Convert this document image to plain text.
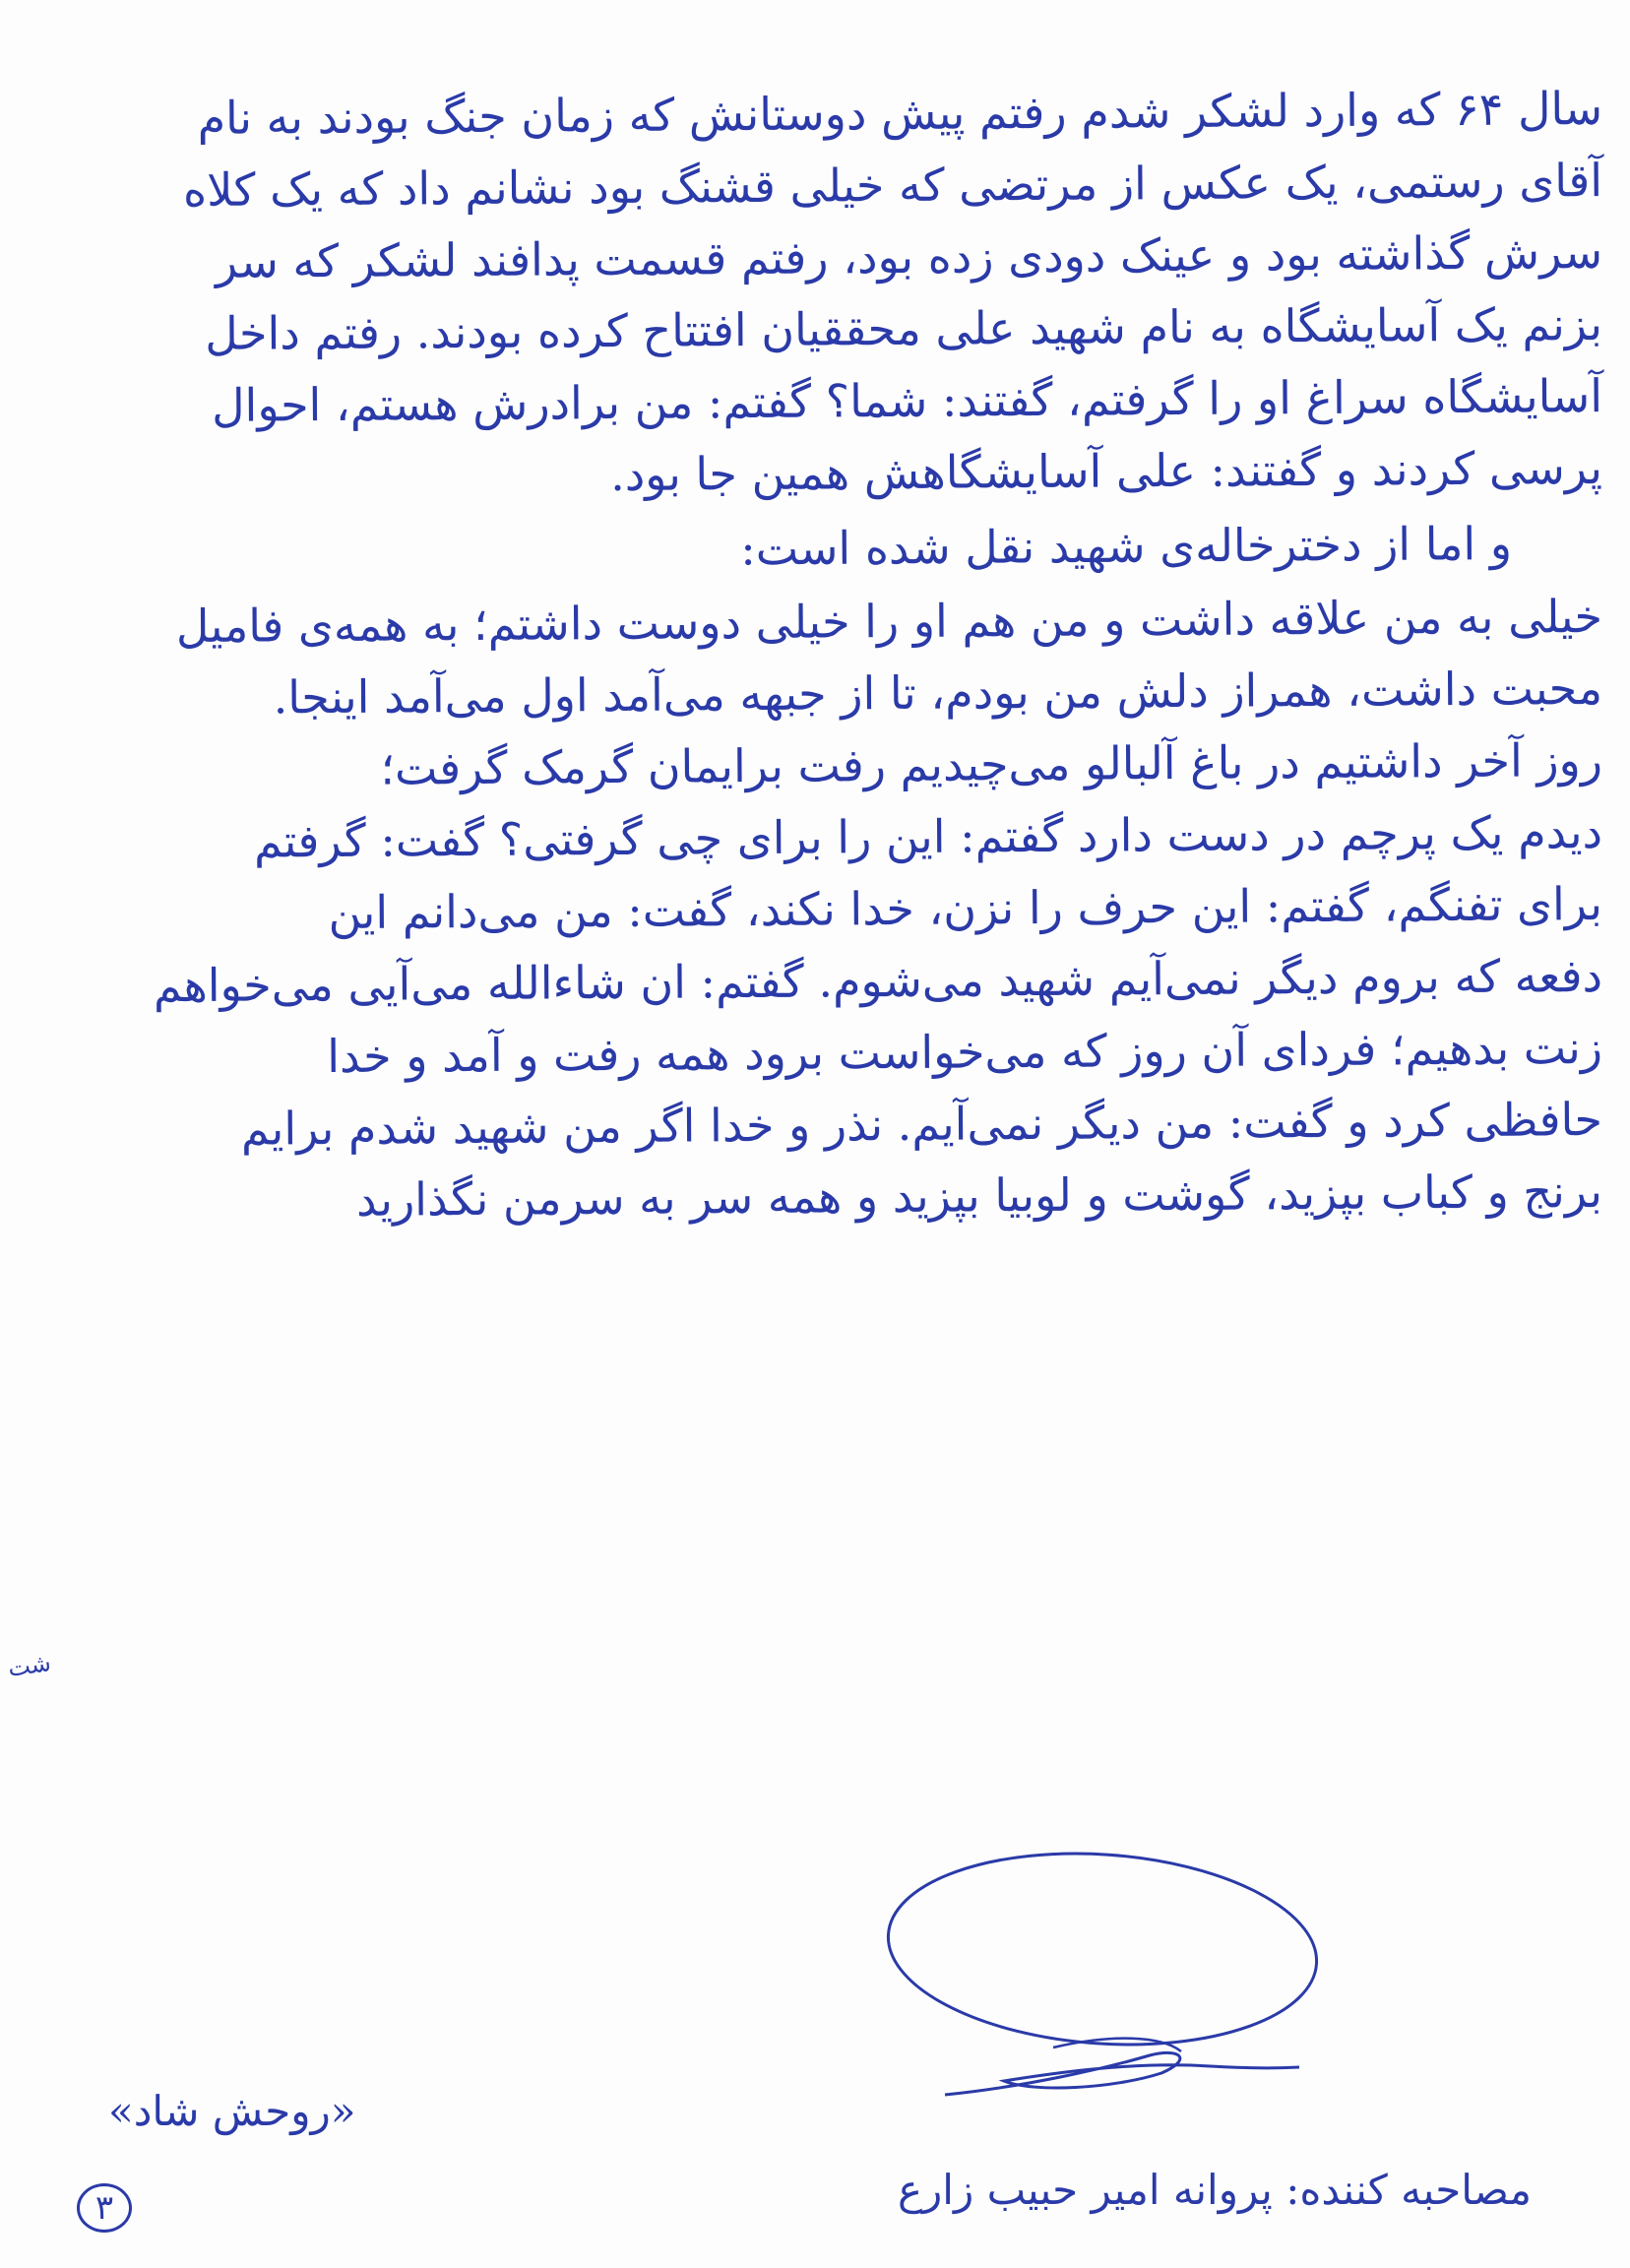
سال ۶۴ که وارد لشکر شدم رفتم پیش دوستانش که زمان جنگ بودند به نام
آقای رستمی، یک عکس از مرتضی که خیلی قشنگ بود نشانم داد که یک کلاه
سرش گذاشته بود و عینک دودی زده بود، رفتم قسمت پدافند لشکر که سر
بزنم یک آسایشگاه به نام شهید علی محققیان افتتاح کرده بودند. رفتم داخل
آسایشگاه سراغ او را گرفتم، گفتند: شما؟ گفتم: من برادرش هستم، احوال
پرسی کردند و گفتند: علی آسایشگاهش همین جا بود.
و اما از دخترخاله‌ی شهید نقل شده است:
خیلی به من علاقه داشت و من هم او را خیلی دوست داشتم؛ به همه‌ی فامیل
محبت داشت، همراز دلش من بودم، تا از جبهه می‌آمد اول می‌آمد اینجا.
روز آخر داشتیم در باغ آلبالو می‌چیدیم رفت برایمان گرمک گرفت؛
دیدم یک پرچم در دست دارد گفتم: این را برای چی گرفتی؟ گفت: گرفتم
برای تفنگم، گفتم: این حرف را نزن، خدا نکند، گفت: من می‌دانم این
دفعه که بروم دیگر نمی‌آیم شهید می‌شوم. گفتم: ان شاءالله می‌آیی می‌خواهم
زنت بدهیم؛ فردای آن روز که می‌خواست برود همه رفت و آمد و خدا
حافظی کرد و گفت: من دیگر نمی‌آیم. نذر و خدا اگر من شهید شدم برایم
برنج و کباب بپزید، گوشت و لوبیا بپزید و همه سر به سرمن نگذارید
شت
«روحش شاد»
مصاحبه کننده: پروانه امیر حبیب زارع
۳
